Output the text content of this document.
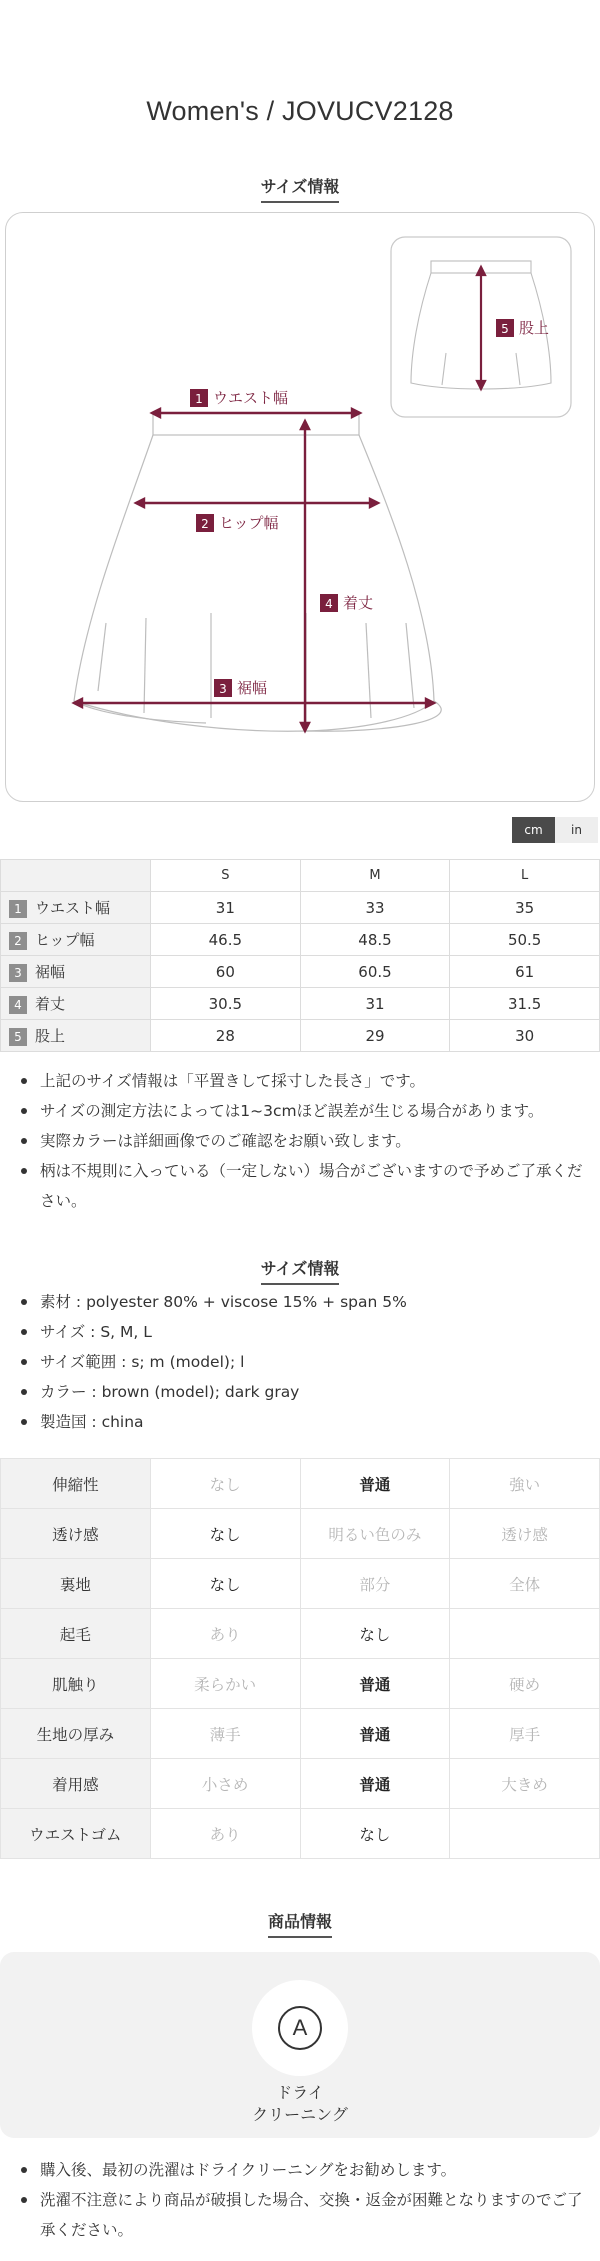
Women's / JOVUCV2128
サイズ情報
1 ウエスト幅
2 ヒップ幅
3 裾幅
4 着丈
5 股上
cm	in
	S	M	L
1 ウエスト幅	31	33	35
2 ヒップ幅	46.5	48.5	50.5
3 裾幅	60	60.5	61
4 着丈	30.5	31	31.5
5 股上	28	29	30
上記のサイズ情報は「平置きして採寸した長さ」です。
サイズの測定方法によっては1~3cmほど誤差が生じる場合があります。
実際カラーは詳細画像でのご確認をお願い致します。
柄は不規則に入っている（一定しない）場合がございますので予めご了承ください。
サイズ情報
素材 : polyester 80% + viscose 15% + span 5%
サイズ : S, M, L
サイズ範囲 : s; m (model); l
カラー : brown (model); dark gray
製造国 : china
伸縮性	なし	普通	強い
透け感	なし	明るい色のみ	透け感
裏地	なし	部分	全体
起毛	あり	なし	
肌触り	柔らかい	普通	硬め
生地の厚み	薄手	普通	厚手
着用感	小さめ	普通	大きめ
ウエストゴム	あり	なし	
商品情報
A
ドライ
クリーニング
購入後、最初の洗濯はドライクリーニングをお勧めします。
洗濯不注意により商品が破損した場合、交換・返金が困難となりますのでご了承ください。
